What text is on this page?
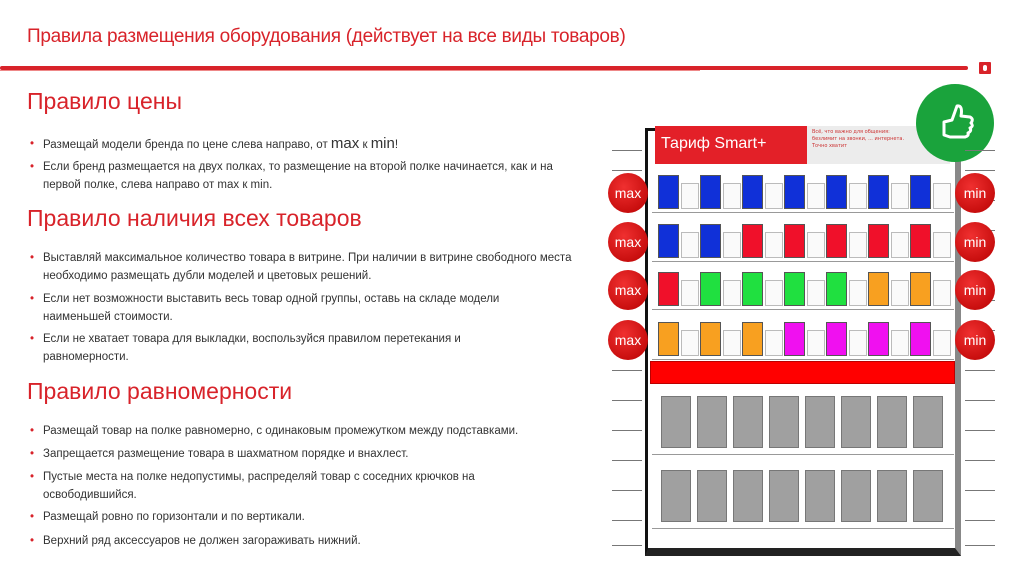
Правила размещения оборудования (действует на все виды товаров)
Правило цены
• Размещай модели бренда по цене слева направо, от max к min!
• Если бренд размещается на двух полках, то размещение на второй полке начинается, как и на первой полке, слева направо от max к min.
Правило наличия всех товаров
• Выставляй максимальное количество товара в витрине. При наличии в витрине свободного места необходимо размещать дубли моделей и цветовых решений.
• Если нет возможности выставить весь товар одной группы, оставь на складе модели наименьшей стоимости.
• Если не хватает товара для выкладки, воспользуйся правилом перетекания и равномерности.
Правило равномерности
• Размещай товар на полке равномерно, с одинаковым промежутком между подставками.
• Запрещается размещение товара в шахматном порядке и внахлест.
• Пустые места на полке недопустимы, распределяй товар с соседних крючков на освободившийся.
• Размещай ровно по горизонтали и по вертикали.
• Верхний ряд аксессуаров не должен загораживать нижний.
Тариф Smart+
Всё, что важно для общения: безлимит на звонки, ... интернета. Точно хватит
max	min
max	min
max	min
max	min
